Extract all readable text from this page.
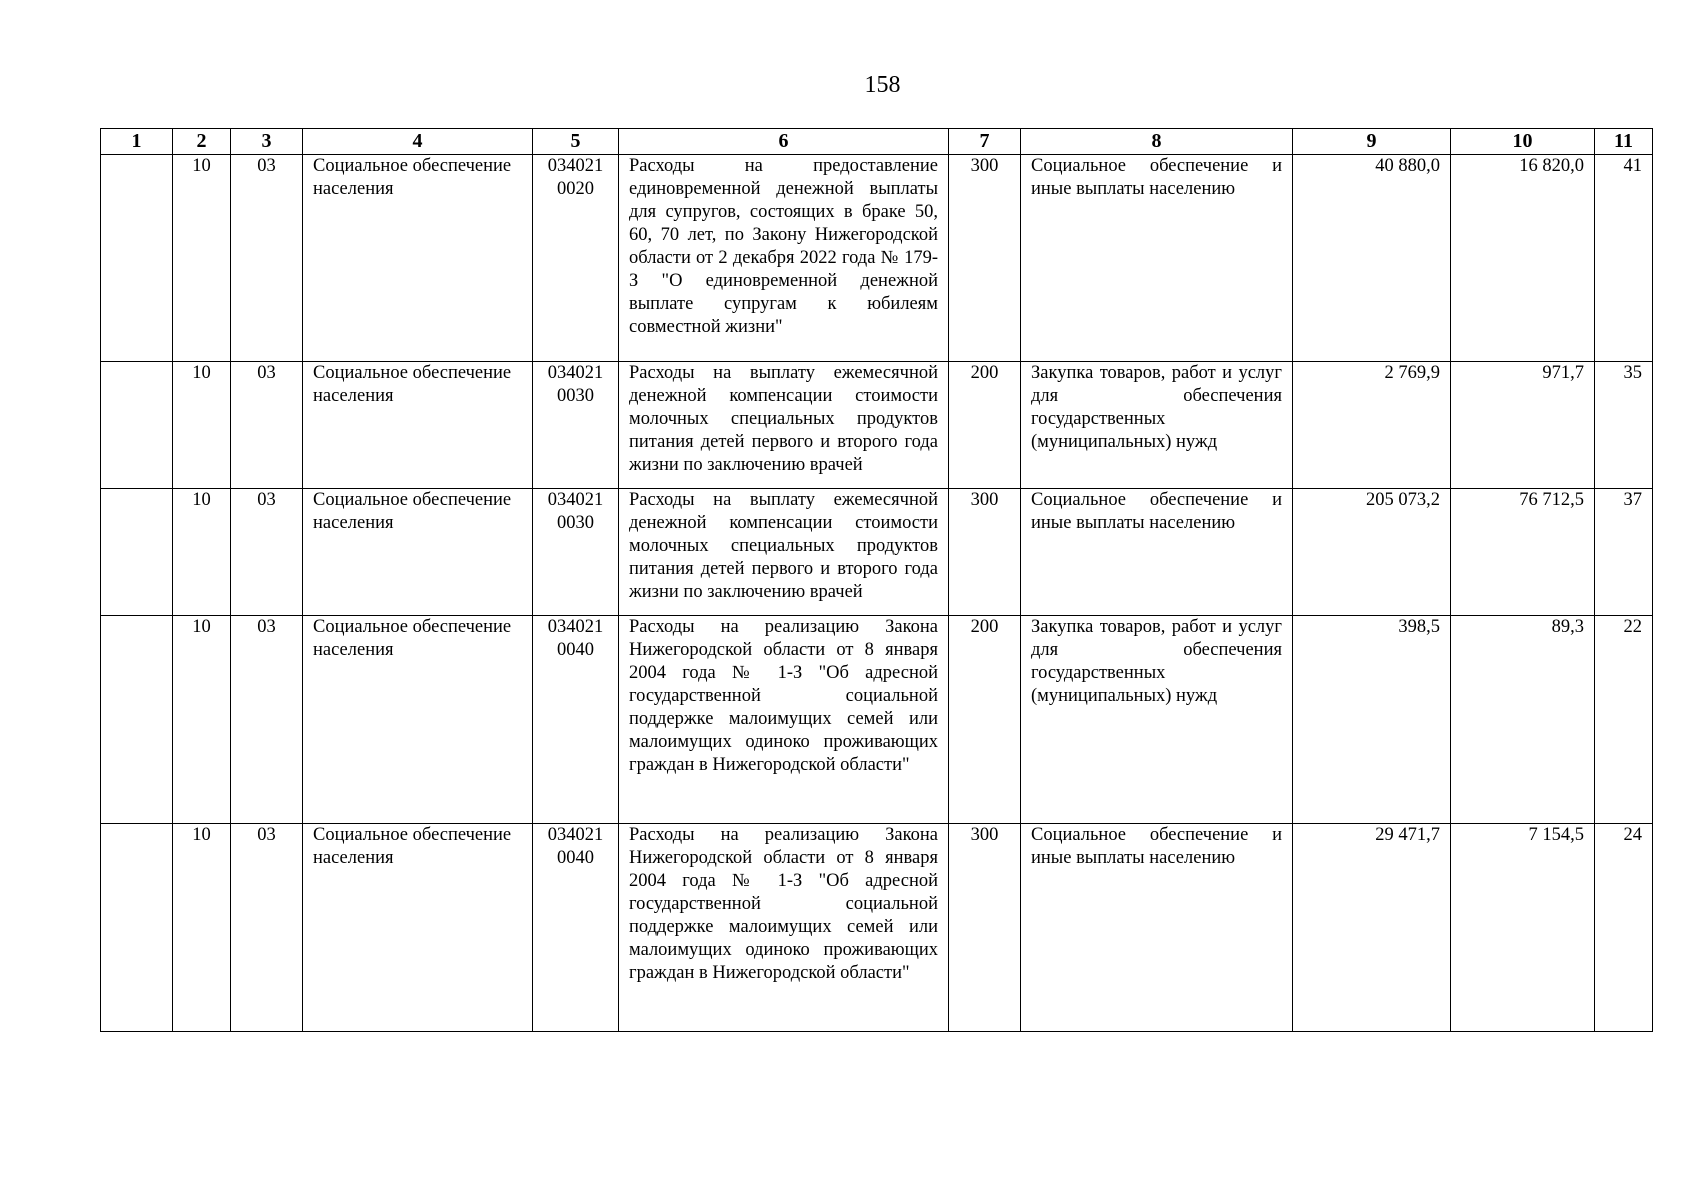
158
1	2	3	4	5	6	7	8	9	10	11
	10	03	Социальное обеспечение населения	034021 0020	Расходы на предоставление единовременной денежной выплаты для супругов, состоящих в браке 50, 60, 70 лет, по Закону Нижегородской области от 2 декабря 2022 года № 179-З "О единовременной денежной выплате супругам к юбилеям совместной жизни"	300	Социальное обеспечение и иные выплаты населению	40 880,0	16 820,0	41
	10	03	Социальное обеспечение населения	034021 0030	Расходы на выплату ежемесячной денежной компенсации стоимости молочных специальных продуктов питания детей первого и второго года жизни по заключению врачей	200	Закупка товаров, работ и услуг для обеспечения государственных (муниципальных) нужд	2 769,9	971,7	35
	10	03	Социальное обеспечение населения	034021 0030	Расходы на выплату ежемесячной денежной компенсации стоимости молочных специальных продуктов питания детей первого и второго года жизни по заключению врачей	300	Социальное обеспечение и иные выплаты населению	205 073,2	76 712,5	37
	10	03	Социальное обеспечение населения	034021 0040	Расходы на реализацию Закона Нижегородской области от 8 января 2004 года № 1-З "Об адресной государственной социальной поддержке малоимущих семей или малоимущих одиноко проживающих граждан в Нижегородской области"	200	Закупка товаров, работ и услуг для обеспечения государственных (муниципальных) нужд	398,5	89,3	22
	10	03	Социальное обеспечение населения	034021 0040	Расходы на реализацию Закона Нижегородской области от 8 января 2004 года № 1-З "Об адресной государственной социальной поддержке малоимущих семей или малоимущих одиноко проживающих граждан в Нижегородской области"	300	Социальное обеспечение и иные выплаты населению	29 471,7	7 154,5	24
